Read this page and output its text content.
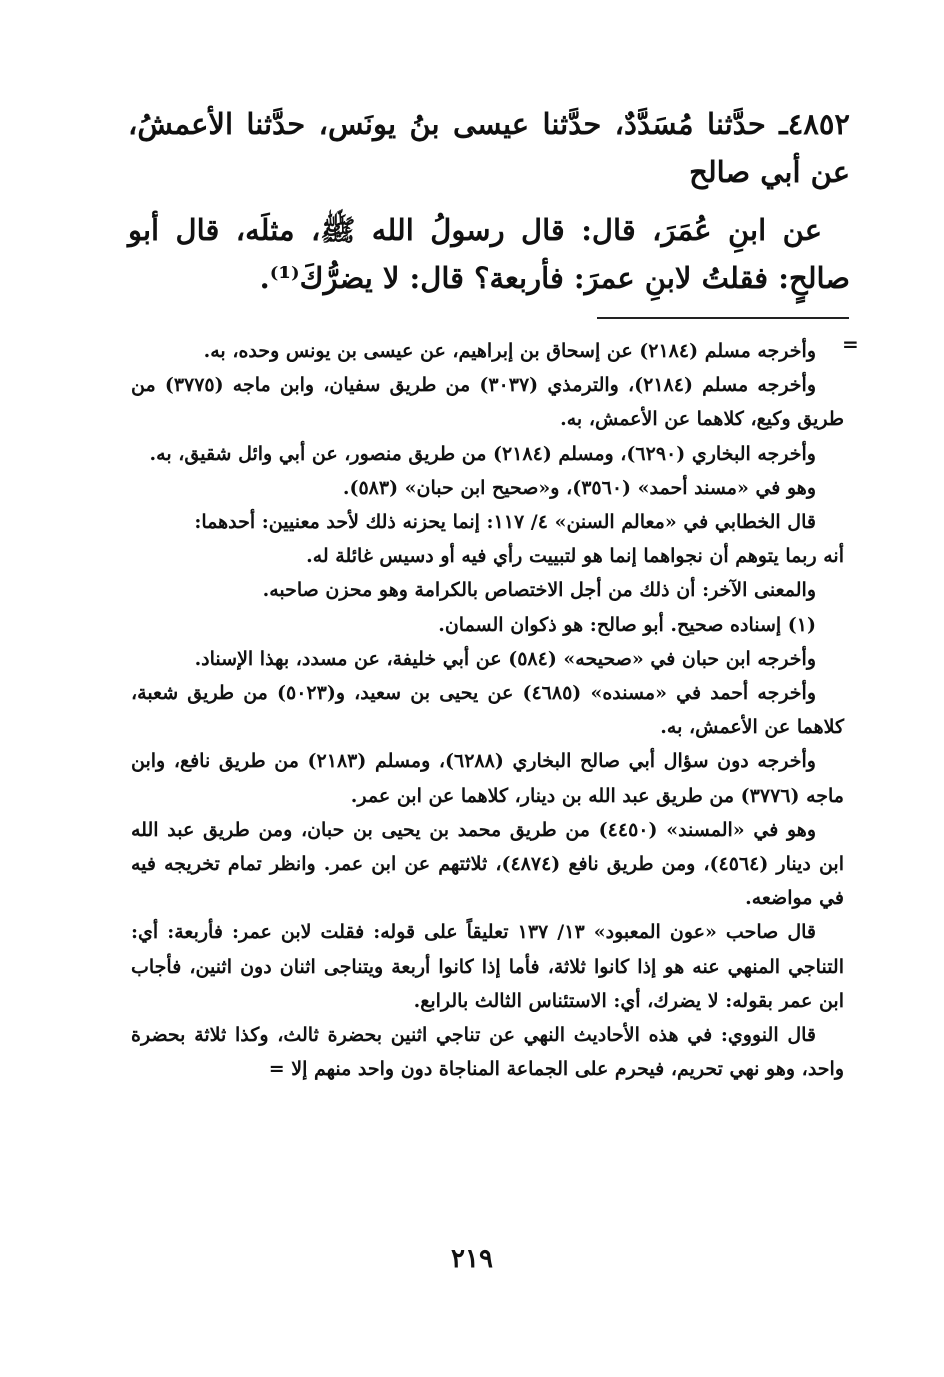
٤٨٥٢ـ حدَّثنا مُسَدَّدٌ، حدَّثنا عيسى بنُ يونَس، حدَّثنا الأعمشُ، عن أبي صالح

عن ابنِ عُمَرَ، قال: قال رسولُ الله ﷺ، مثلَه، قال أبو صالحٍ: فقلتُ لابنِ عمرَ: فأربعة؟ قال: لا يضرُّكَ⁽¹⁾.

=

وأخرجه مسلم (٢١٨٤) عن إسحاق بن إبراهيم، عن عيسى بن يونس وحده، به.

وأخرجه مسلم (٢١٨٤)، والترمذي (٣٠٣٧) من طريق سفيان، وابن ماجه (٣٧٧٥) من طريق وكيع، كلاهما عن الأعمش، به.

وأخرجه البخاري (٦٢٩٠)، ومسلم (٢١٨٤) من طريق منصور، عن أبي وائل شقيق، به.

وهو في «مسند أحمد» (٣٥٦٠)، و«صحيح ابن حبان» (٥٨٣).

قال الخطابي في «معالم السنن» ٤/ ١١٧: إنما يحزنه ذلك لأحد معنيين: أحدهما:

أنه ربما يتوهم أن نجواهما إنما هو لتبييت رأي فيه أو دسيس غائلة له.

والمعنى الآخر: أن ذلك من أجل الاختصاص بالكرامة وهو محزن صاحبه.

(١) إسناده صحيح. أبو صالح: هو ذكوان السمان.

وأخرجه ابن حبان في «صحيحه» (٥٨٤) عن أبي خليفة، عن مسدد، بهذا الإسناد.

وأخرجه أحمد في «مسنده» (٤٦٨٥) عن يحيى بن سعيد، و(٥٠٢٣) من طريق شعبة، كلاهما عن الأعمش، به.

وأخرجه دون سؤال أبي صالح البخاري (٦٢٨٨)، ومسلم (٢١٨٣) من طريق نافع، وابن ماجه (٣٧٧٦) من طريق عبد الله بن دينار، كلاهما عن ابن عمر.

وهو في «المسند» (٤٤٥٠) من طريق محمد بن يحيى بن حبان، ومن طريق عبد الله ابن دينار (٤٥٦٤)، ومن طريق نافع (٤٨٧٤)، ثلاثتهم عن ابن عمر. وانظر تمام تخريجه فيه في مواضعه.

قال صاحب «عون المعبود» ١٣/ ١٣٧ تعليقاً على قوله: فقلت لابن عمر: فأربعة: أي: التناجي المنهي عنه هو إذا كانوا ثلاثة، فأما إذا كانوا أربعة ويتناجى اثنان دون اثنين، فأجاب ابن عمر بقوله: لا يضرك، أي: الاستئناس الثالث بالرابع.

قال النووي: في هذه الأحاديث النهي عن تناجي اثنين بحضرة ثالث، وكذا ثلاثة بحضرة واحد، وهو نهي تحريم، فيحرم على الجماعة المناجاة دون واحد منهم إلا =

٢١٩
